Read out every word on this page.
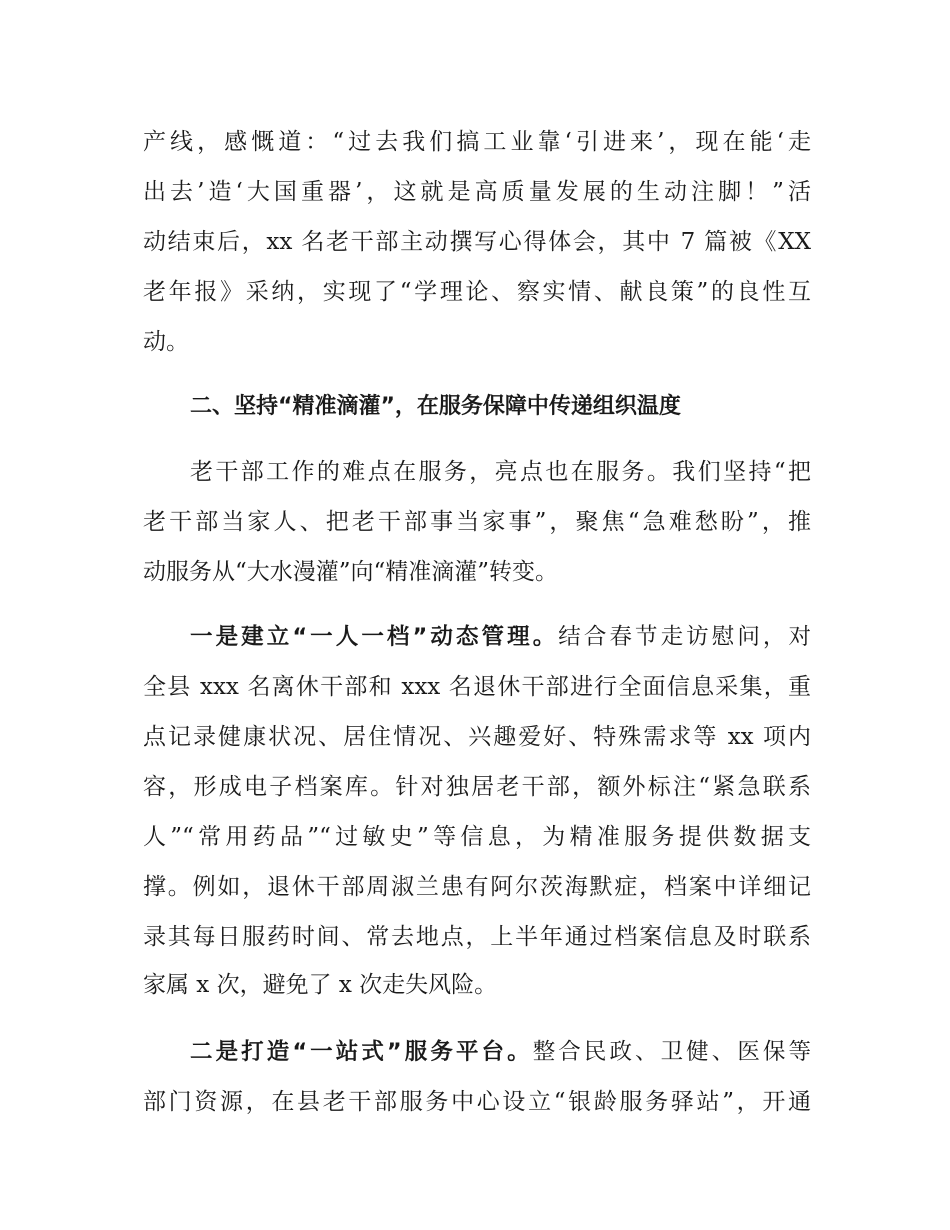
产线，感慨道：“过去我们搞工业靠‘引进来’，现在能‘走
出去’造‘大国重器’，这就是高质量发展的生动注脚！”活
动结束后，xx 名老干部主动撰写心得体会，其中 7 篇被《XX
老年报》采纳，实现了“学理论、察实情、献良策”的良性互
动。
二、坚持“精准滴灌”，在服务保障中传递组织温度
老干部工作的难点在服务，亮点也在服务。我们坚持“把
老干部当家人、把老干部事当家事”，聚焦“急难愁盼”，推
动服务从“大水漫灌”向“精准滴灌”转变。
一是建立“一人一档”动态管理。结合春节走访慰问，对
全县 xxx 名离休干部和 xxx 名退休干部进行全面信息采集，重
点记录健康状况、居住情况、兴趣爱好、特殊需求等 xx 项内
容，形成电子档案库。针对独居老干部，额外标注“紧急联系
人”“常用药品”“过敏史”等信息，为精准服务提供数据支
撑。例如，退休干部周淑兰患有阿尔茨海默症，档案中详细记
录其每日服药时间、常去地点，上半年通过档案信息及时联系
家属 x 次，避免了 x 次走失风险。
二是打造“一站式”服务平台。整合民政、卫健、医保等
部门资源，在县老干部服务中心设立“银龄服务驿站”，开通
